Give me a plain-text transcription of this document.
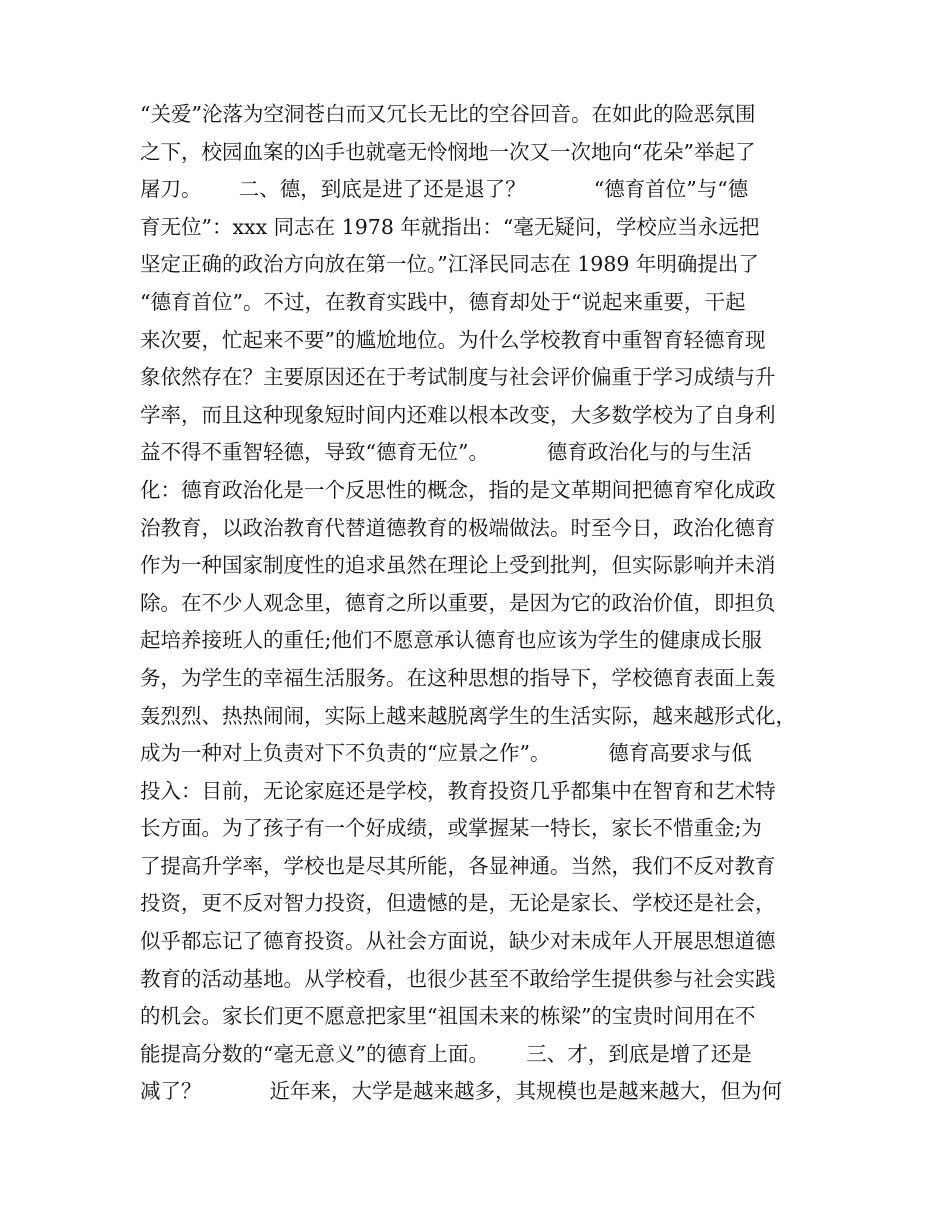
“关爱”沦落为空洞苍白而又冗长无比的空谷回音。在如此的险恶氛围
之下，校园血案的凶手也就毫无怜悯地一次又一次地向“花朵”举起了
屠刀。　　 二、德，到底是进了还是退了？　　　 “德育首位”与“德
育无位”：xxx 同志在 1978 年就指出：“毫无疑问，学校应当永远把
坚定正确的政治方向放在第一位。”江泽民同志在 1989 年明确提出了
“德育首位”。不过，在教育实践中，德育却处于“说起来重要，干起
来次要，忙起来不要”的尴尬地位。为什么学校教育中重智育轻德育现
象依然存在？主要原因还在于考试制度与社会评价偏重于学习成绩与升
学率，而且这种现象短时间内还难以根本改变，大多数学校为了自身利
益不得不重智轻德，导致“德育无位”。　　　 德育政治化与的与生活
化：德育政治化是一个反思性的概念，指的是文革期间把德育窄化成政
治教育，以政治教育代替道德教育的极端做法。时至今日，政治化德育
作为一种国家制度性的追求虽然在理论上受到批判，但实际影响并未消
除。在不少人观念里，德育之所以重要，是因为它的政治价值，即担负
起培养接班人的重任;他们不愿意承认德育也应该为学生的健康成长服
务，为学生的幸福生活服务。在这种思想的指导下，学校德育表面上轰
轰烈烈、热热闹闹，实际上越来越脱离学生的生活实际，越来越形式化，
成为一种对上负责对下不负责的“应景之作”。　　　 德育高要求与低
投入：目前，无论家庭还是学校，教育投资几乎都集中在智育和艺术特
长方面。为了孩子有一个好成绩，或掌握某一特长，家长不惜重金;为
了提高升学率，学校也是尽其所能，各显神通。当然，我们不反对教育
投资，更不反对智力投资，但遗憾的是，无论是家长、学校还是社会，
似乎都忘记了德育投资。从社会方面说，缺少对未成年人开展思想道德
教育的活动基地。从学校看，也很少甚至不敢给学生提供参与社会实践
的机会。家长们更不愿意把家里“祖国未来的栋梁”的宝贵时间用在不
能提高分数的“毫无意义”的德育上面。　　 三、才，到底是增了还是
减了？　　　 近年来，大学是越来越多，其规模也是越来越大，但为何
